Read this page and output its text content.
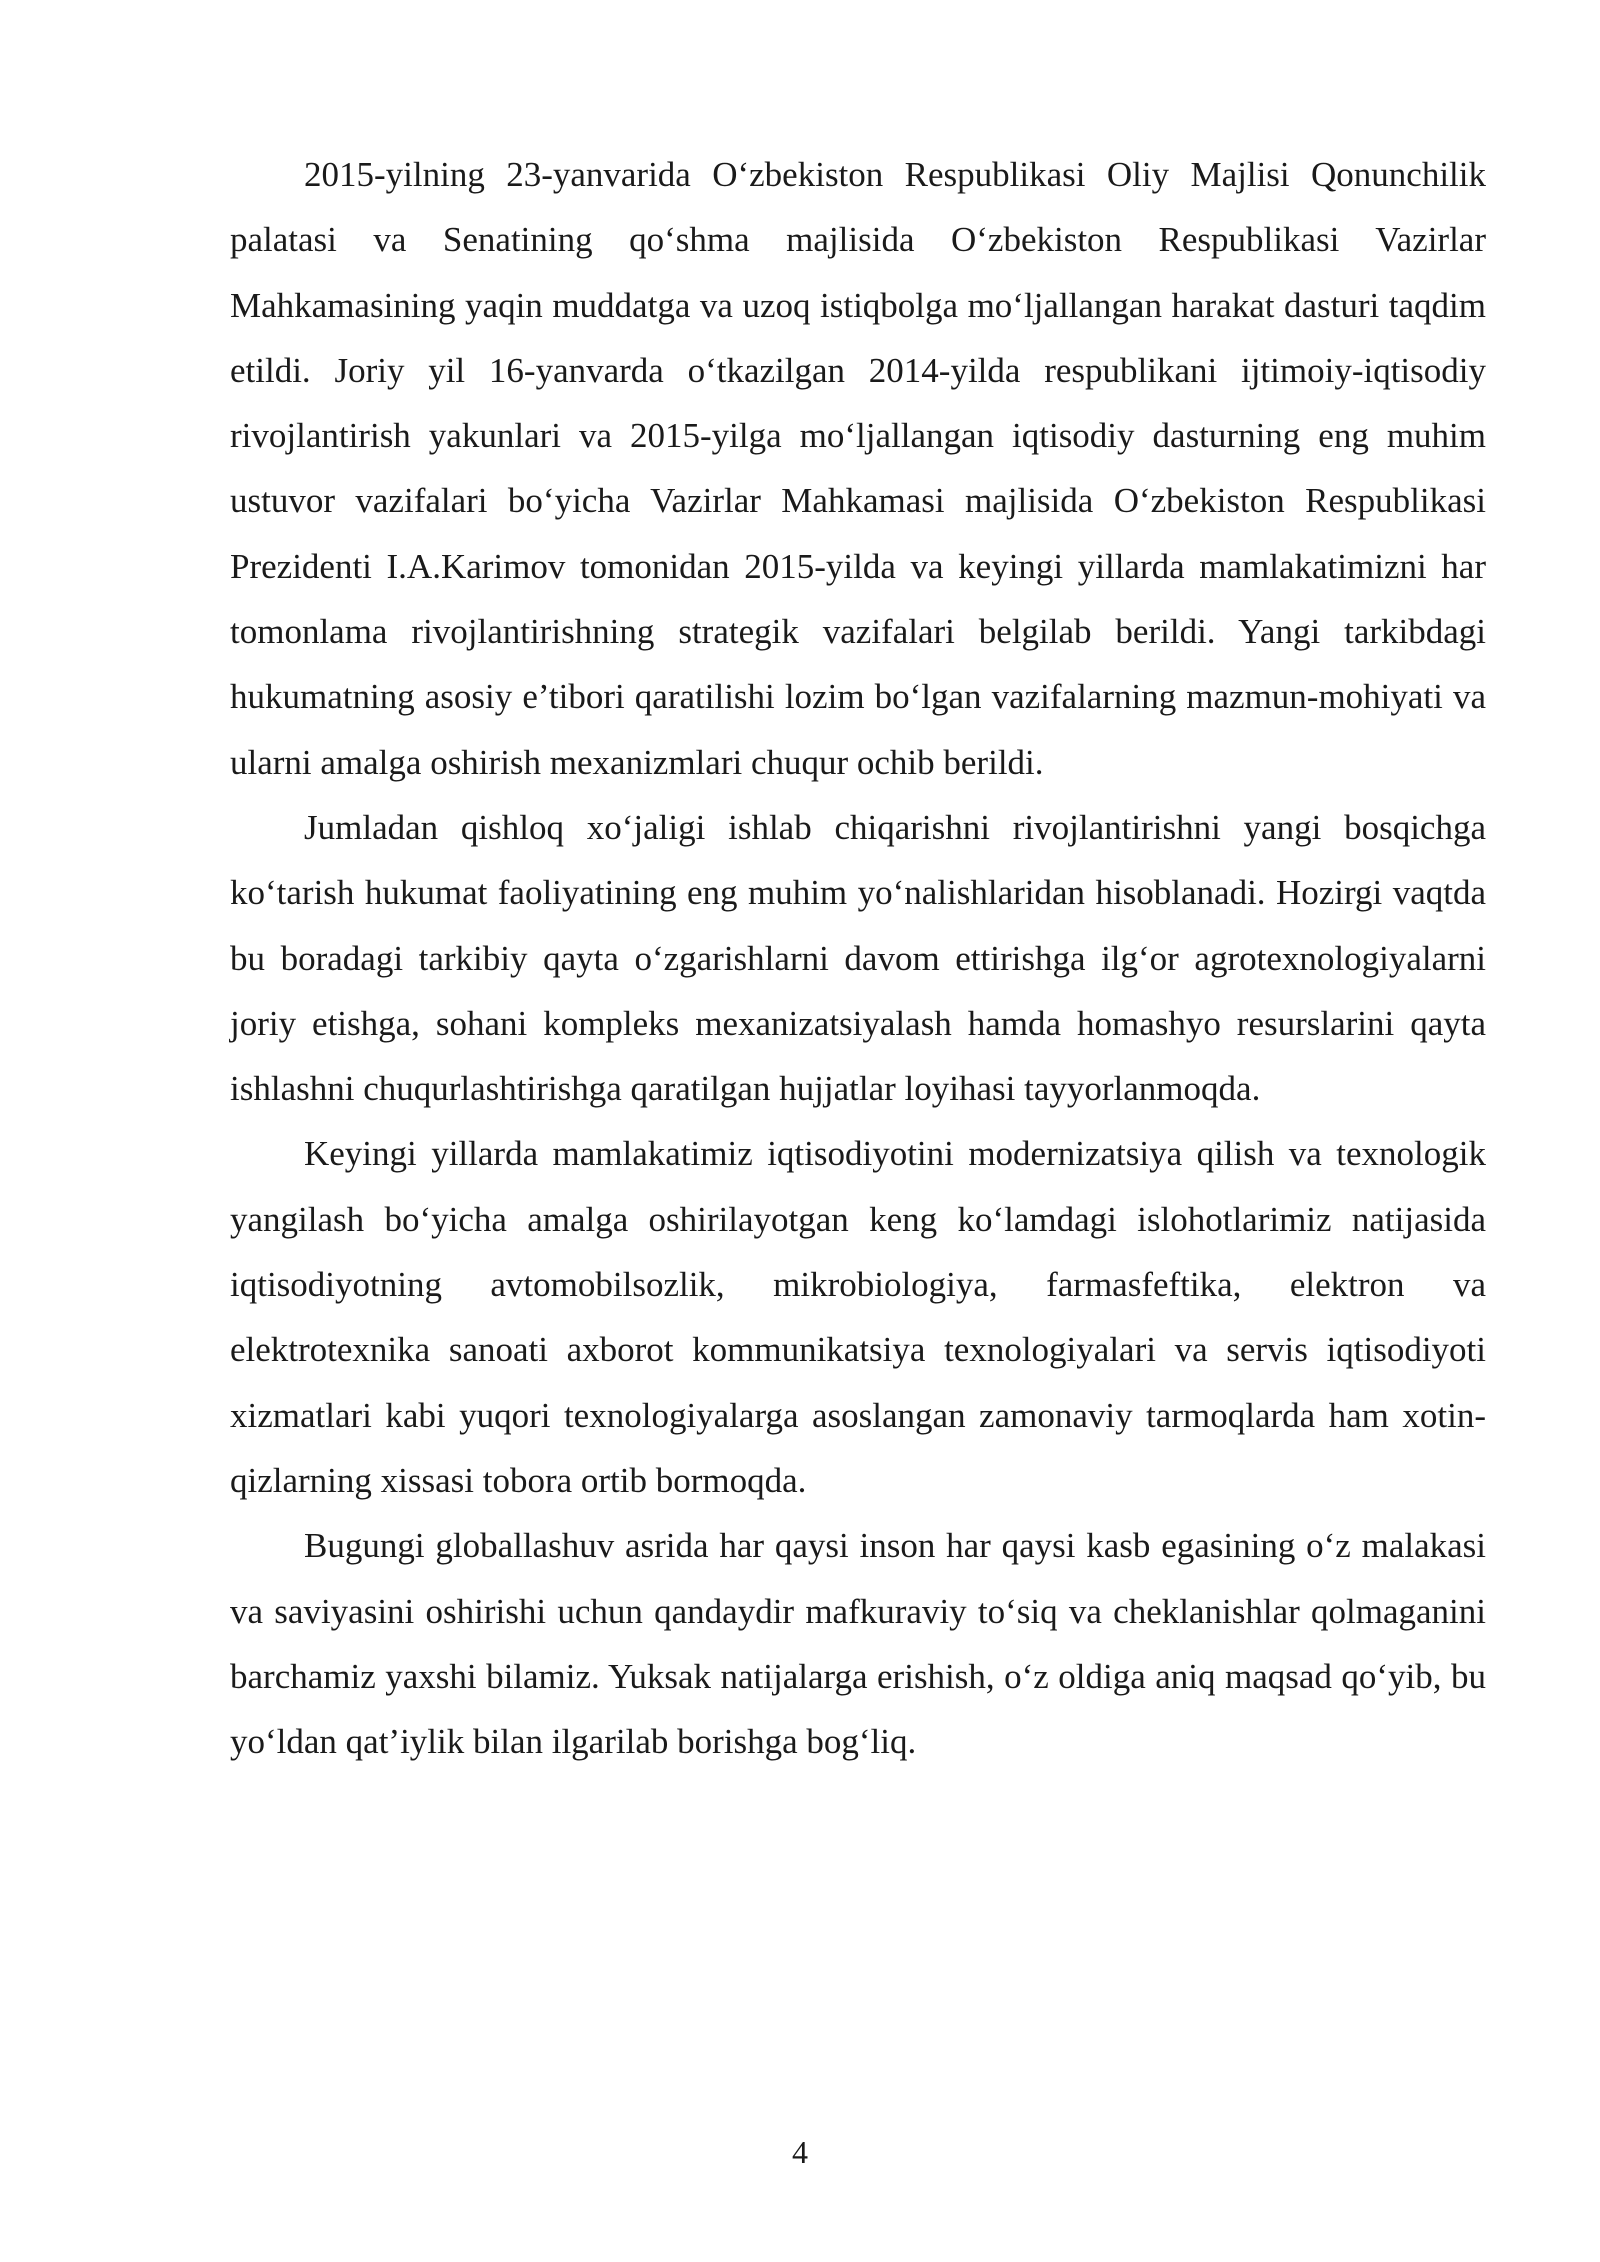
2015-yilning 23-yanvarida O‘zbekiston Respublikasi Oliy Majlisi Qonunchilik palatasi va Senatining qo‘shma majlisida O‘zbekiston Respublikasi Vazirlar Mahkamasining yaqin muddatga va uzoq istiqbolga mo‘ljallangan harakat dasturi taqdim etildi. Joriy yil 16-yanvarda o‘tkazilgan 2014-yilda respublikani ijtimoiy-iqtisodiy rivojlantirish yakunlari va 2015-yilga mo‘ljallangan iqtisodiy dasturning eng muhim ustuvor vazifalari bo‘yicha Vazirlar Mahkamasi majlisida O‘zbekiston Respublikasi Prezidenti I.A.Karimov tomonidan 2015-yilda va keyingi yillarda mamlakatimizni har tomonlama rivojlantirishning strategik vazifalari belgilab berildi. Yangi tarkibdagi hukumatning asosiy e’tibori qaratilishi lozim bo‘lgan vazifalarning mazmun-mohiyati va ularni amalga oshirish mexanizmlari chuqur ochib berildi.

Jumladan qishloq xo‘jaligi ishlab chiqarishni rivojlantirishni yangi bosqichga ko‘tarish hukumat faoliyatining eng muhim yo‘nalishlaridan hisoblanadi. Hozirgi vaqtda bu boradagi tarkibiy qayta o‘zgarishlarni davom ettirishga ilg‘or agrotexnologiyalarni joriy etishga, sohani kompleks mexanizatsiyalash hamda homashyo resurslarini qayta ishlashni chuqurlashtirishga qaratilgan hujjatlar loyihasi tayyorlanmoqda.

Keyingi yillarda mamlakatimiz iqtisodiyotini modernizatsiya qilish va texnologik yangilash bo‘yicha amalga oshirilayotgan keng ko‘lamdagi islohotlarimiz natijasida iqtisodiyotning avtomobilsozlik, mikrobiologiya, farmasfeftika, elektron va elektrotexnika sanoati axborot kommunikatsiya texnologiyalari va servis iqtisodiyoti xizmatlari kabi yuqori texnologiyalarga asoslangan zamonaviy tarmoqlarda ham xotin-qizlarning xissasi tobora ortib bormoqda.

Bugungi globallashuv asrida har qaysi inson har qaysi kasb egasining o‘z malakasi va saviyasini oshirishi uchun qandaydir mafkuraviy to‘siq va cheklanishlar qolmaganini barchamiz yaxshi bilamiz. Yuksak natijalarga erishish, o‘z oldiga aniq maqsad qo‘yib, bu yo‘ldan qat’iylik bilan ilgarilab borishga bog‘liq.

4
